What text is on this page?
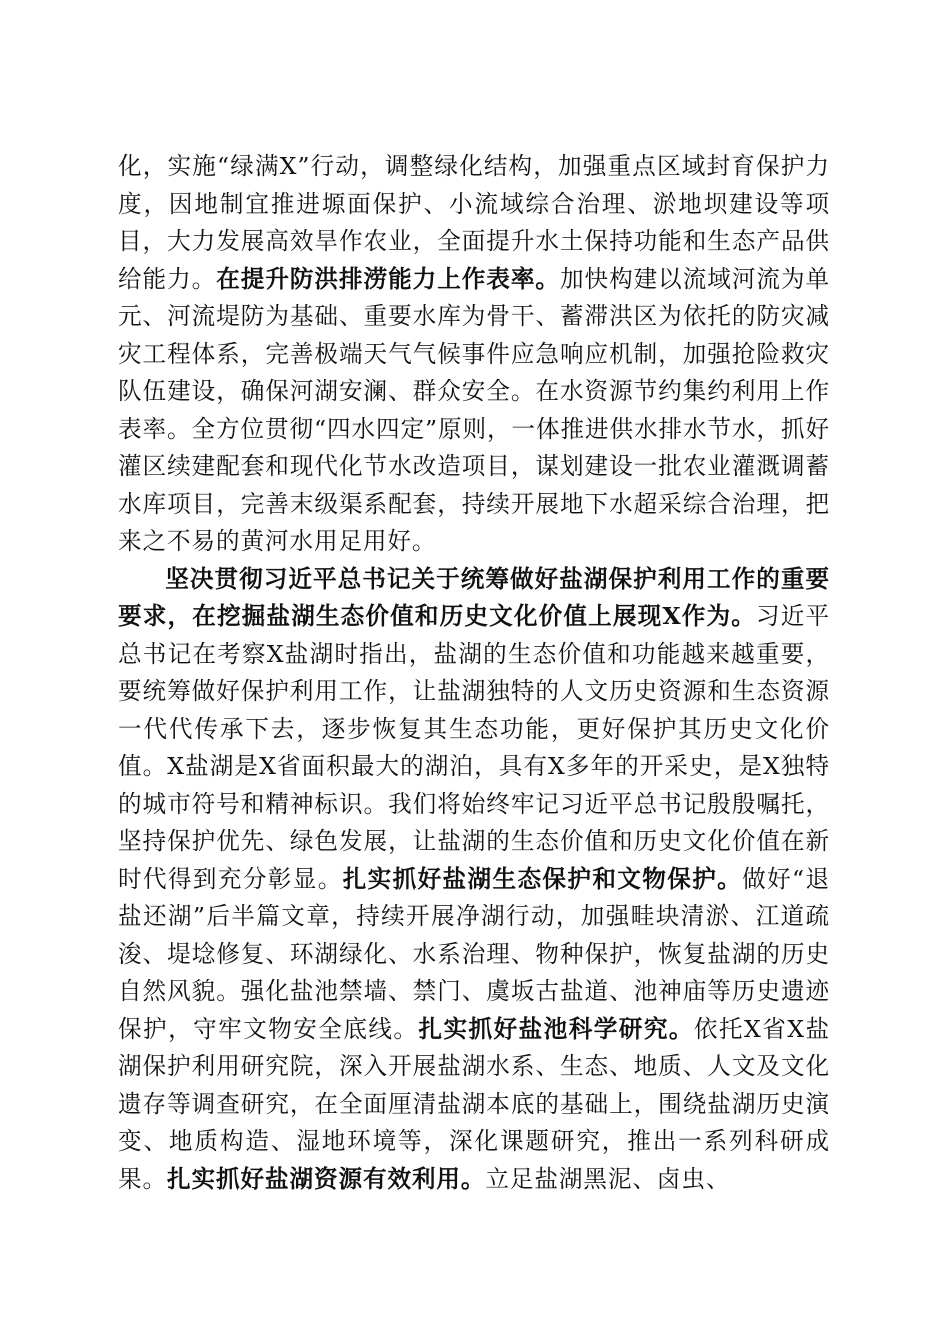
化，实施“绿满X”行动，调整绿化结构，加强重点区域封育保护力度，因地制宜推进塬面保护、小流域综合治理、淤地坝建设等项目，大力发展高效旱作农业，全面提升水土保持功能和生态产品供给能力。在提升防洪排涝能力上作表率。加快构建以流域河流为单元、河流堤防为基础、重要水库为骨干、蓄滞洪区为依托的防灾减灾工程体系，完善极端天气气候事件应急响应机制，加强抢险救灾队伍建设，确保河湖安澜、群众安全。在水资源节约集约利用上作表率。全方位贯彻“四水四定”原则，一体推进供水排水节水，抓好灌区续建配套和现代化节水改造项目，谋划建设一批农业灌溉调蓄水库项目，完善末级渠系配套，持续开展地下水超采综合治理，把来之不易的黄河水用足用好。

坚决贯彻习近平总书记关于统筹做好盐湖保护利用工作的重要要求，在挖掘盐湖生态价值和历史文化价值上展现X作为。习近平总书记在考察X盐湖时指出，盐湖的生态价值和功能越来越重要，要统筹做好保护利用工作，让盐湖独特的人文历史资源和生态资源一代代传承下去，逐步恢复其生态功能，更好保护其历史文化价值。X盐湖是X省面积最大的湖泊，具有X多年的开采史，是X独特的城市符号和精神标识。我们将始终牢记习近平总书记殷殷嘱托，坚持保护优先、绿色发展，让盐湖的生态价值和历史文化价值在新时代得到充分彰显。扎实抓好盐湖生态保护和文物保护。做好“退盐还湖”后半篇文章，持续开展净湖行动，加强畦块清淤、江道疏浚、堤埝修复、环湖绿化、水系治理、物种保护，恢复盐湖的历史自然风貌。强化盐池禁墙、禁门、虞坂古盐道、池神庙等历史遗迹保护，守牢文物安全底线。扎实抓好盐池科学研究。依托X省X盐湖保护利用研究院，深入开展盐湖水系、生态、地质、人文及文化遗存等调查研究，在全面厘清盐湖本底的基础上，围绕盐湖历史演变、地质构造、湿地环境等，深化课题研究，推出一系列科研成果。扎实抓好盐湖资源有效利用。立足盐湖黑泥、卤虫、
